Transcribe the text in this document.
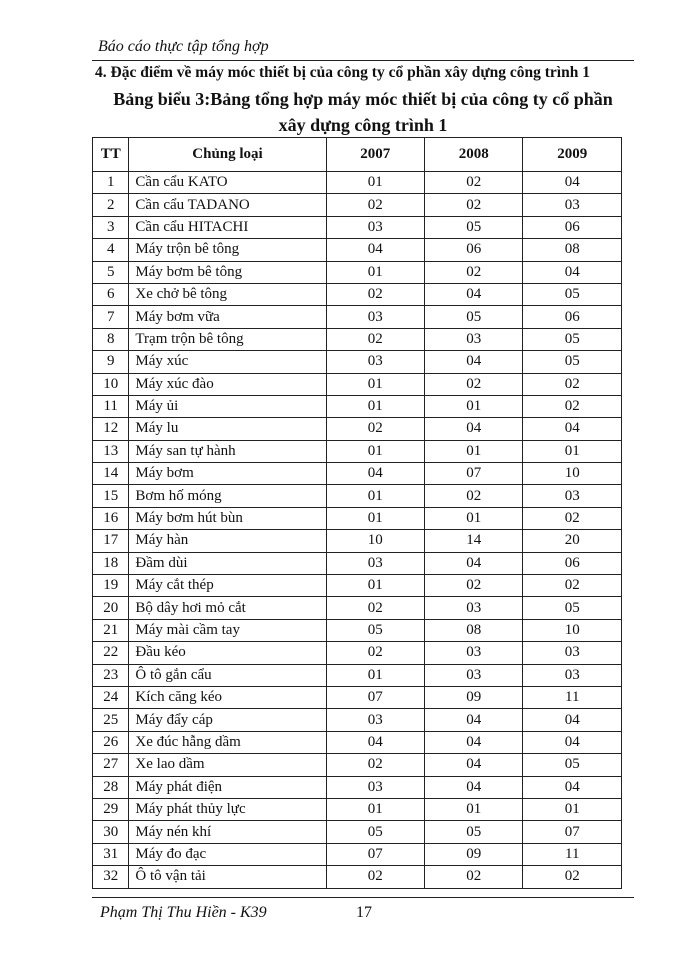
Báo cáo thực tập tổng hợp
4. Đặc điểm về máy móc thiết bị của công ty cổ phần xây dựng công trình 1
Bảng biểu 3:Bảng tổng hợp máy móc thiết bị của công ty cổ phần
xây dựng công trình 1
TT	Chủng loại	2007	2008	2009
1	Cần cẩu KATO	01	02	04
2	Cần cẩu TADANO	02	02	03
3	Cần cẩu HITACHI	03	05	06
4	Máy trộn bê tông	04	06	08
5	Máy bơm bê tông	01	02	04
6	Xe chở bê tông	02	04	05
7	Máy bơm vữa	03	05	06
8	Trạm trộn bê tông	02	03	05
9	Máy xúc	03	04	05
10	Máy xúc đào	01	02	02
11	Máy ủi	01	01	02
12	Máy lu	02	04	04
13	Máy san tự hành	01	01	01
14	Máy bơm	04	07	10
15	Bơm hố móng	01	02	03
16	Máy bơm hút bùn	01	01	02
17	Máy hàn	10	14	20
18	Đầm dùi	03	04	06
19	Máy cắt thép	01	02	02
20	Bộ dây hơi mỏ cắt	02	03	05
21	Máy mài cầm tay	05	08	10
22	Đầu kéo	02	03	03
23	Ô tô gắn cẩu	01	03	03
24	Kích căng kéo	07	09	11
25	Máy đẩy cáp	03	04	04
26	Xe đúc hẫng dầm	04	04	04
27	Xe lao dầm	02	04	05
28	Máy phát điện	03	04	04
29	Máy phát thủy lực	01	01	01
30	Máy nén khí	05	05	07
31	Máy đo đạc	07	09	11
32	Ô tô vận tải	02	02	02
Phạm Thị Thu Hiền - K39	17
